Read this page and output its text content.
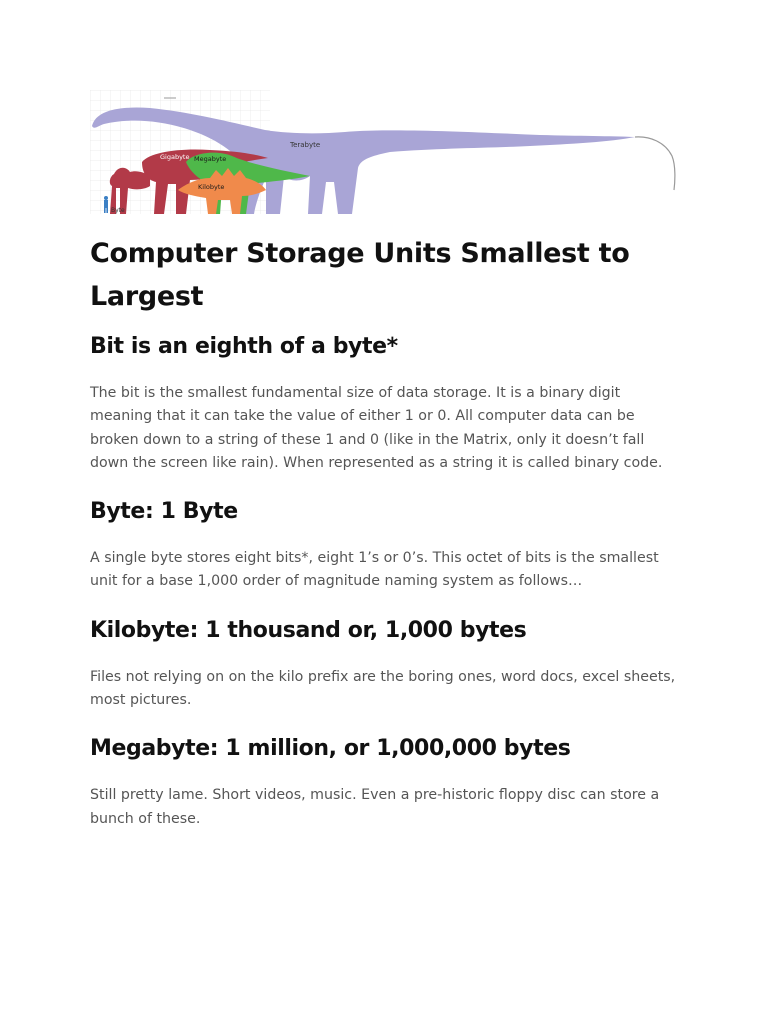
Terabyte
Gigabyte Megabyte
Kilobyte
Byte
Computer Storage Units Smallest to Largest
Bit is an eighth of a byte*

The bit is the smallest fundamental size of data storage. It is a binary digit meaning that it can take the value of either 1 or 0. All computer data can be broken down to a string of these 1 and 0 (like in the Matrix, only it doesn’t fall down the screen like rain). When represented as a string it is called binary code.

Byte: 1 Byte

A single byte stores eight bits*, eight 1’s or 0’s. This octet of bits is the smallest unit for a base 1,000 order of magnitude naming system as follows…

Kilobyte: 1 thousand or, 1,000 bytes

Files not relying on on the kilo prefix are the boring ones, word docs, excel sheets, most pictures.

Megabyte: 1 million, or 1,000,000 bytes

Still pretty lame. Short videos, music. Even a pre-historic floppy disc can store a bunch of these.
